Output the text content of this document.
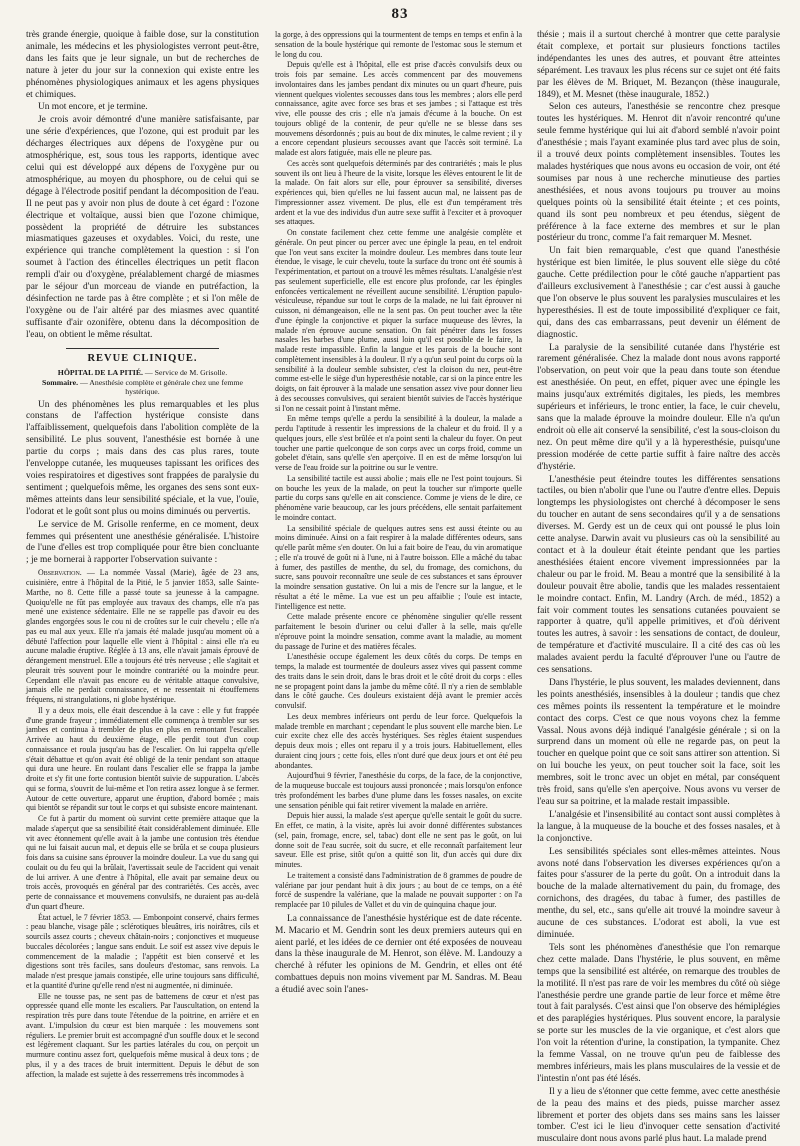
83

très grande énergie, quoique à faible dose, sur la constitution animale, les médecins et les physiologistes verront peut-être, dans les faits que je leur signale, un but de recherches de nature à jeter du jour sur la connexion qui existe entre les phénomènes physiologiques animaux et les agens physiques et chimiques.

Un mot encore, et je termine.

Je crois avoir démontré d'une manière satisfaisante, par une série d'expériences, que l'ozone, qui est produit par les décharges électriques aux dépens de l'oxygène pur ou atmosphérique, est, sous tous les rapports, identique avec celui qui est développé aux dépens de l'oxygène pur ou atmosphérique, au moyen du phosphore, ou de celui qui se dégage à l'électrode positif pendant la décomposition de l'eau. Il ne peut pas y avoir non plus de doute à cet égard : l'ozone électrique et voltaïque, aussi bien que l'ozone chimique, possèdent la propriété de détruire les substances miasmatiques gazeuses et oxydables. Voici, du reste, une expérience qui tranche complètement la question : si l'on soumet à l'action des étincelles électriques un petit flacon rempli d'air ou d'oxygène, préalablement chargé de miasmes par le séjour d'un morceau de viande en putréfaction, la désinfection ne tarde pas à être complète ; et si l'on mêle de l'oxygène ou de l'air altéré par des miasmes avec quantité suffisante d'air ozonifère, obtenu dans la décomposition de l'eau, on obtient le même résultat.

REVUE CLINIQUE.
HÔPITAL DE LA PITIÉ. — Service de M. Grisolle.
Sommaire. — Anesthésie complète et générale chez une femme hystérique.

Un des phénomènes les plus remarquables et les plus constans de l'affection hystérique consiste dans l'affaiblissement, quelquefois dans l'abolition complète de la sensibilité. Le plus souvent, l'anesthésie est bornée à une partie du corps ; mais dans des cas plus rares, toute l'enveloppe cutanée, les muqueuses tapissant les orifices des voies respiratoires et digestives sont frappées de paralysie du sentiment ; quelquefois même, les organes des sens sont eux-mêmes atteints dans leur sensibilité spéciale, et la vue, l'ouïe, l'odorat et le goût sont plus ou moins diminués ou pervertis.

Le service de M. Grisolle renferme, en ce moment, deux femmes qui présentent une anesthésie généralisée. L'histoire de l'une d'elles est trop compliquée pour être bien concluante ; je me bornerai à rapporter l'observation suivante :

Observation. — La nommée Vassal (Marie), âgée de 23 ans, cuisinière, entre à l'hôpital de la Pitié, le 5 janvier 1853, salle Sainte-Marthe, no 8. Cette fille a passé toute sa jeunesse à la campagne. Quoiqu'elle ne fût pas employée aux travaux des champs, elle n'a pas mené une existence sédentaire. Elle ne se rappelle pas d'avoir eu des glandes engorgées sous le cou ni de croûtes sur le cuir chevelu ; elle n'a pas eu mal aux yeux. Elle n'a jamais été malade jusqu'au moment où a débuté l'affection pour laquelle elle vient à l'hôpital : ainsi elle n'a eu aucune maladie éruptive. Réglée à 13 ans, elle n'avait jamais éprouvé de dérangement menstruel. Elle a toujours été très nerveuse ; elle s'agitait et pleurait très souvent pour le moindre contrariété ou la moindre peur. Cependant elle n'avait pas encore eu de véritable attaque convulsive, jamais elle ne perdait connaissance, et ne ressentait ni étouffemens fréquens, ni strangulations, ni globe hystérique.

Il y a deux mois, elle était descendue à la cave : elle y fut frappée d'une grande frayeur ; immédiatement elle commença à trembler sur ses jambes et continua à trembler de plus en plus en remontant l'escalier. Arrivée au haut du deuxième étage, elle perdit tout d'un coup connaissance et roula jusqu'au bas de l'escalier. On lui rappelta qu'elle s'était débattue et qu'on avait été obligé de la tenir pendant son attaque qui dura une heure. En roulant dans l'escalier elle se frappa la jambe droite et s'y fit une forte contusion bientôt suivie de suppuration. L'abcès qui se forma, s'ouvrit de lui-même et l'on retira assez longue à se fermer. Autour de cette ouverture, apparut une éruption, d'abord bornée ; mais qui bientôt se répandit sur tout le corps et qui subsiste encore maintenant.

Ce fut à partir du moment où survint cette première attaque que la malade s'aperçut que sa sensibilité était considérablement diminuée. Elle vit avec étonnement qu'elle avait à la jambe une contusion très étendue qui ne lui faisait aucun mal, et depuis elle se brûla et se coupa plusieurs fois dans sa cuisine sans éprouver la moindre douleur. La vue du sang qui coulait ou du feu qui la brûlait, l'avertissait seule de l'accident qui venait de lui arriver. A une d'entre à l'hôpital, elle avait par semaine deux ou trois accès, provoqués en général par des contrariétés. Ces accès, avec perte de connaissance et mouvemens convulsifs, ne duraient pas au-delà d'un quart d'heure.

État actuel, le 7 février 1853. — Embonpoint conservé, chairs fermes : peau blanche, visage pâle ; sclérotiques bleuâtres, iris noirâtres, cils et sourcils assez courts ; cheveux châtain-noirs ; conjonctives et muqueuse buccales décolorées ; langue sans enduit. Le soif est assez vive depuis le commencement de la maladie ; l'appétit est bien conservé et les digestions sont très faciles, sans douleurs d'estomac, sans renvois. La malade n'est presque jamais constipée, elle urine toujours sans difficulté, et la quantité d'urine qu'elle rend n'est ni augmentée, ni diminuée.

Elle ne tousse pas, ne sent pas de battemens de cœur et n'est pas oppressée quand elle monte les escaliers. Par l'auscultation, on entend la respiration très pure dans toute l'étendue de la poitrine, en arrière et en avant. L'impulsion du cœur est bien marquée : les mouvemens sont réguliers. Le premier bruit est accompagné d'un souffle doux et le second est légèrement claquant. Sur les parties latérales du cou, on perçoit un murmure continu assez fort, quelquefois même musical à deux tons ; de plus, il y a des traces de bruit intermittent. Depuis le début de son affection, la malade est sujette à des resserremens très incommodes à

la gorge, à des oppressions qui la tourmentent de temps en temps et enfin à la sensation de la boule hystérique qui remonte de l'estomac sous le sternum et le long du cou.

Depuis qu'elle est à l'hôpital, elle est prise d'accès convulsifs deux ou trois fois par semaine. Les accès commencent par des mouvemens involontaires dans les jambes pendant dix minutes ou un quart d'heure, puis viennent quelques violentes secousses dans tous les membres ; alors elle perd connaissance, agite avec force ses bras et ses jambes ; si l'attaque est très vive, elle pousse des cris ; elle n'a jamais d'écume à la bouche. On est toujours obligé de la contenir, de peur qu'elle ne se blesse dans ses mouvemens désordonnés ; puis au bout de dix minutes, le calme revient ; il y a encore cependant plusieurs secousses avant que l'accès soit terminé. La malade est alors fatiguée, mais elle ne pleure pas.

Ces accès sont quelquefois déterminés par des contrariétés ; mais le plus souvent ils ont lieu à l'heure de la visite, lorsque les élèves entourent le lit de la malade. On fait alors sur elle, pour éprouver sa sensibilité, diverses expériences qui, bien qu'elles ne lui fassent aucun mal, ne laissent pas de l'impressionner assez vivement. De plus, elle est d'un tempérament très ardent et la vue des individus d'un autre sexe suffit à l'exciter et à provoquer ses attaques.

On constate facilement chez cette femme une analgésie complète et générale. On peut pincer ou percer avec une épingle la peau, en tel endroit que l'on veut sans exciter la moindre douleur. Les membres dans toute leur étendue, le visage, le cuir chevelu, toute la surface du tronc ont été soumis à l'expérimentation, et partout on a trouvé les mêmes résultats. L'analgésie n'est pas seulement superficielle, elle est encore plus profonde, car les épingles enfoncées verticalement ne réveillent aucune sensibilité. L'éruption papulo-vésiculeuse, répandue sur tout le corps de la malade, ne lui fait éprouver ni cuisson, ni démangeaison, elle ne la sent pas. On peut toucher avec la tête d'une épingle la conjonctive et piquer la surface muqueuse des lèvres, la malade n'en éprouve aucune sensation. On fait pénétrer dans les fosses nasales les barbes d'une plume, aussi loin qu'il est possible de le faire, la malade reste impassible. Enfin la langue et les parois de la bouche sont complètement insensibles à la douleur. Il n'y a qu'un seul point du corps où la sensibilité à la douleur semble subsister, c'est la cloison du nez, peut-être comme est-elle le siège d'un hyperesthésie notable, car si on la pince entre les doigts, on fait éprouver à la malade une sensation assez vive pour donner lieu à des secousses convulsives, qui seraient bientôt suivies de l'accès hystérique si l'on ne cessait point à l'instant même.

En même temps qu'elle a perdu la sensibilité à la douleur, la malade a perdu l'aptitude à ressentir les impressions de la chaleur et du froid. Il y a quelques jours, elle s'est brûlée et n'a point senti la chaleur du foyer. On peut toucher une partie quelconque de son corps avec un corps froid, comme un gobelet d'étain, sans qu'elle s'en aperçoive. Il en est de même lorsqu'on lui verse de l'eau froide sur la poitrine ou sur le ventre.

La sensibilité tactile est aussi abolie ; mais elle ne l'est point toujours. Si on bouche les yeux de la malade, on peut la toucher sur n'importe quelle partie du corps sans qu'elle en ait conscience. Comme je viens de le dire, ce phénomène varie beaucoup, car les jours précédens, elle sentait parfaitement le moindre contact.

La sensibilité spéciale de quelques autres sens est aussi éteinte ou au moins diminuée. Ainsi on a fait respirer à la malade différentes odeurs, sans qu'elle parût même s'en douter. On lui a fait boire de l'eau, du vin aromatique ; elle n'a trouvé de goût ni à l'une, ni à l'autre boisson. Elle a mâché du tabac à fumer, des pastilles de menthe, du sel, du fromage, des cornichons, du sucre, sans pouvoir reconnaître une seule de ces substances et sans éprouver la moindre sensation gustative. On lui a mis de l'encre sur la langue, et le résultat a été le même. La vue est un peu affaiblie ; l'ouïe est intacte, l'intelligence est nette.

Cette malade présente encore ce phénomène singulier qu'elle ressent parfaitement le besoin d'uriner ou celui d'aller à la selle, mais qu'elle n'éprouve point la moindre sensation, comme avant la maladie, au moment du passage de l'urine et des matières fécales.

L'anesthésie occupe également les deux côtés du corps. De temps en temps, la malade est tourmentée de douleurs assez vives qui passent comme des traits dans le sein droit, dans le bras droit et le côté droit du corps : elles ne se propagent point dans la jambe du même côté. Il n'y a rien de semblable dans le côté gauche. Ces douleurs existaient déjà avant le premier accès convulsif.

Les deux membres inférieurs ont perdu de leur force. Quelquefois la malade tremble en marchant ; cependant le plus souvent elle marche bien. Le cuir excite chez elle des accès hystériques. Ses règles étaient suspendues depuis deux mois ; elles ont reparu il y a trois jours. Habituellement, elles duraient cinq jours ; cette fois, elles n'ont duré que deux jours et ont été peu abondantes.

Aujourd'hui 9 février, l'anesthésie du corps, de la face, de la conjonctive, de la muqueuse buccale est toujours aussi prononcée ; mais lorsqu'on enfonce très profondément les barbes d'une plume dans les fosses nasales, on excite une sensation pénible qui fait retirer vivement la malade en arrière.

Depuis hier aussi, la malade s'est aperçue qu'elle sentait le goût du sucre. En effet, ce matin, à la visite, après lui avoir donné différentes substances (sel, pain, fromage, encre, sel, tabac) dont elle ne sent pas le goût, on lui donne soit de l'eau sucrée, soit du sucre, et elle reconnaît parfaitement leur saveur. Elle est prise, sitôt qu'on a quitté son lit, d'un accès qui dure dix minutes.

Le traitement a consisté dans l'administration de 8 grammes de poudre de valériane par jour pendant huit à dix jours ; au bout de ce temps, on a été forcé de suspendre la valériane, que la malade ne pouvait supporter : on l'a remplacée par 10 pilules de Vallet et du vin de quinquina chaque jour.

La connaissance de l'anesthésie hystérique est de date récente. M. Macario et M. Gendrin sont les deux premiers auteurs qui en aient parlé, et les idées de ce dernier ont été exposées de nouveau dans la thèse inaugurale de M. Henrot, son élève. M. Landouzy a cherché à réfuter les opinions de M. Gendrin, et elles ont été combattues depuis non moins vivement par M. Sandras. M. Beau a étudié avec soin l'anes-

thésie ; mais il a surtout cherché à montrer que cette paralysie était complexe, et portait sur plusieurs fonctions tactiles indépendantes les unes des autres, et pouvant être atteintes séparément. Les travaux les plus récens sur ce sujet ont été faits par les élèves de M. Briquet, M. Bezançon (thèse inaugurale, 1849), et M. Mesnet (thèse inaugurale, 1852.)

Selon ces auteurs, l'anesthésie se rencontre chez presque toutes les hystériques. M. Henrot dit n'avoir rencontré qu'une seule femme hystérique qui lui ait d'abord semblé n'avoir point d'anesthésie ; mais l'ayant examinée plus tard avec plus de soin, il a trouvé deux points complètement insensibles. Toutes les malades hystériques que nous avons eu occasion de voir, ont été soumises par nous à une recherche minutieuse des parties anesthésiées, et nous avons toujours pu trouver au moins quelques points où la sensibilité était éteinte ; et ces points, quand ils sont peu nombreux et peu étendus, siègent de préférence à la face externe des membres et sur le plan postérieur du tronc, comme l'a fait remarquer M. Mesnet.

Un fait bien remarquable, c'est que quand l'anesthésie hystérique est bien limitée, le plus souvent elle siège du côté gauche. Cette prédilection pour le côté gauche n'appartient pas d'ailleurs exclusivement à l'anesthésie ; car c'est aussi à gauche que l'on observe le plus souvent les paralysies musculaires et les hyperesthésies. Il est de toute impossibilité d'expliquer ce fait, qui, dans des cas embarrassans, peut devenir un élément de diagnostic.

La paralysie de la sensibilité cutanée dans l'hystérie est rarement généralisée. Chez la malade dont nous avons rapporté l'observation, on peut voir que la peau dans toute son étendue est anesthésiée. On peut, en effet, piquer avec une épingle les mains jusqu'aux extrémités digitales, les pieds, les membres supérieurs et inférieurs, le tronc entier, la face, le cuir chevelu, sans que la malade éprouve la moindre douleur. Elle n'a qu'un endroit où elle ait conservé la sensibilité, c'est la sous-cloison du nez. On peut même dire qu'il y a là hyperesthésie, puisqu'une pression modérée de cette partie suffit à faire naître des accès d'hystérie.

L'anesthésie peut éteindre toutes les différentes sensations tactiles, ou bien n'abolir que l'une ou l'autre d'entre elles. Depuis longtemps les physiologistes ont cherché à décomposer le sens du toucher en autant de sens secondaires qu'il y a de sensations diverses. M. Gerdy est un de ceux qui ont poussé le plus loin cette analyse. Darwin avait vu plusieurs cas où la sensibilité au contact et à la douleur était éteinte pendant que les parties anesthésiées étaient encore vivement impressionnées par la chaleur ou par le froid. M. Beau a montré que la sensibilité à la douleur pouvait être abolie, tandis que les malades ressentaient le moindre contact. Enfin, M. Landry (Arch. de méd., 1852) a fait voir comment toutes les sensations cutanées pouvaient se rapporter à quatre, qu'il appelle primitives, et d'où dérivent toutes les autres, à savoir : les sensations de contact, de douleur, de température et d'activité musculaire. Il a cité des cas où les malades avaient perdu la faculté d'éprouver l'une ou l'autre de ces sensations.

Dans l'hystérie, le plus souvent, les malades deviennent, dans les points anesthésiés, insensibles à la douleur ; tandis que chez ces mêmes points ils ressentent la température et le moindre contact des corps. C'est ce que nous voyons chez la femme Vassal. Nous avons déjà indiqué l'analgésie générale ; si on la surprend dans un moment où elle ne regarde pas, on peut la toucher en quelque point que ce soit sans attirer son attention. Si on lui bouche les yeux, on peut toucher soit la face, soit les membres, soit le tronc avec un objet en métal, par conséquent très froid, sans qu'elle s'en aperçoive. Nous avons vu verser de l'eau sur sa poitrine, et la malade restait impassible.

L'analgésie et l'insensibilité au contact sont aussi complètes à la langue, à la muqueuse de la bouche et des fosses nasales, et à la conjonctive.

Les sensibilités spéciales sont elles-mêmes atteintes. Nous avons noté dans l'observation les diverses expériences qu'on a faites pour s'assurer de la perte du goût. On a introduit dans la bouche de la malade alternativement du pain, du fromage, des cornichons, des dragées, du tabac à fumer, des pastilles de menthe, du sel, etc., sans qu'elle ait trouvé la moindre saveur à aucune de ces substances. L'odorat est aboli, la vue est diminuée.

Tels sont les phénomènes d'anesthésie que l'on remarque chez cette malade. Dans l'hystérie, le plus souvent, en même temps que la sensibilité est altérée, on remarque des troubles de la motilité. Il n'est pas rare de voir les membres du côté où siège l'anesthésie perdre une grande partie de leur force et même être tout à fait paralysés. C'est ainsi que l'on observe des hémiplégies et des paraplégies hystériques. Plus souvent encore, la paralysie se porte sur les muscles de la vie organique, et c'est alors que l'on voit la rétention d'urine, la constipation, la tympanite. Chez la femme Vassal, on ne trouve qu'un peu de faiblesse des membres inférieurs, mais les plans musculaires de la vessie et de l'intestin n'ont pas été lésés.

Il y a lieu de s'étonner que cette femme, avec cette anesthésie de la peau des mains et des pieds, puisse marcher assez librement et porter des objets dans ses mains sans les laisser tomber. C'est ici le lieu d'invoquer cette sensation d'activité musculaire dont nous avons parlé plus haut. La malade prend
